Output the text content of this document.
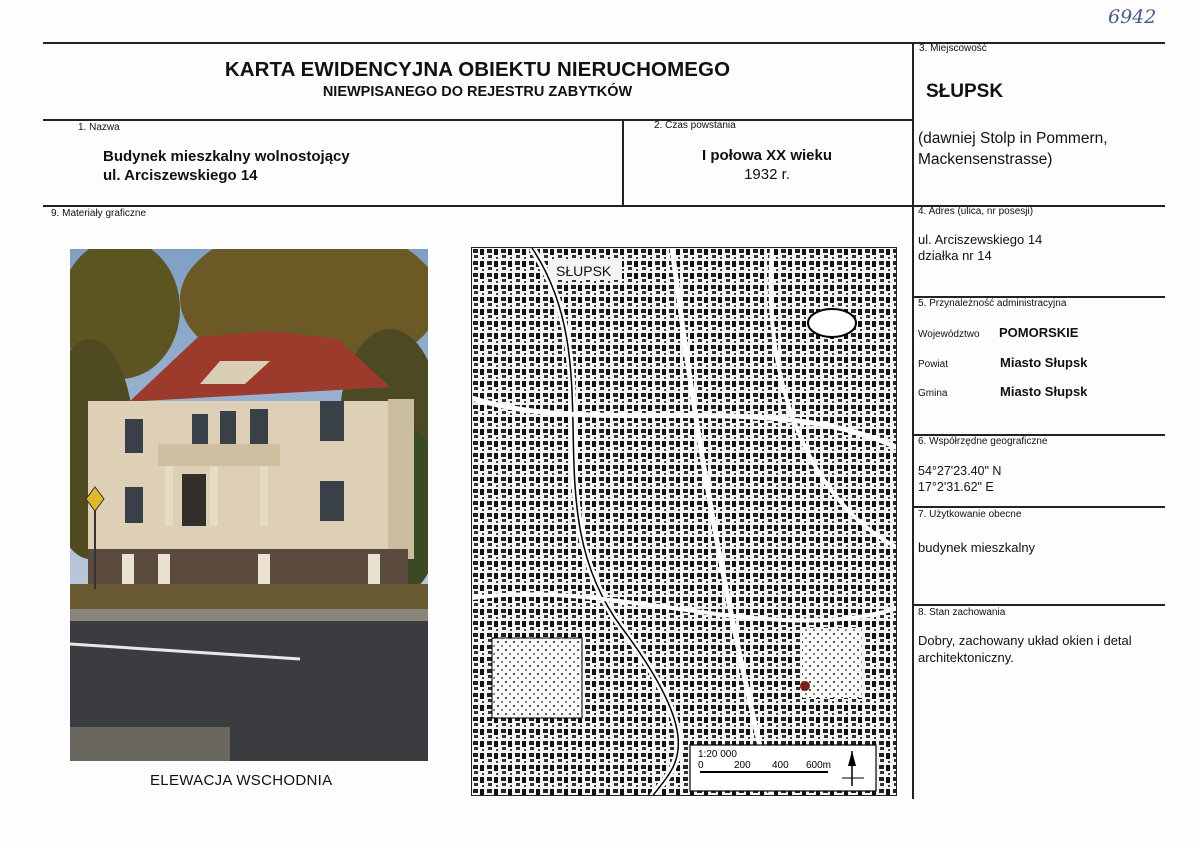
6942
KARTA EWIDENCYJNA OBIEKTU NIERUCHOMEGO
NIEWPISANEGO DO REJESTRU ZABYTKÓW
1. Nazwa
Budynek mieszkalny wolnostojący
ul. Arciszewskiego 14
2. Czas powstania
I połowa XX wieku
1932 r.
3. Miejscowość
SŁUPSK
(dawniej Stolp in Pommern,
Mackensenstrasse)
4. Adres (ulica, nr posesji)
ul. Arciszewskiego 14
działka nr 14
5. Przynależność administracyjna
Województwo POMORSKIE
Powiat	Miasto Słupsk
Gmina	Miasto Słupsk
6. Współrzędne geograficzne
54°27'23.40" N
17°2'31.62" E
7. Użytkowanie obecne
budynek mieszkalny
8. Stan zachowania
Dobry, zachowany układ okien i detal
architektoniczny.
9. Materiały graficzne
ELEWACJA WSCHODNIA
SŁUPSK
1:20 000
0	200 400 600m
